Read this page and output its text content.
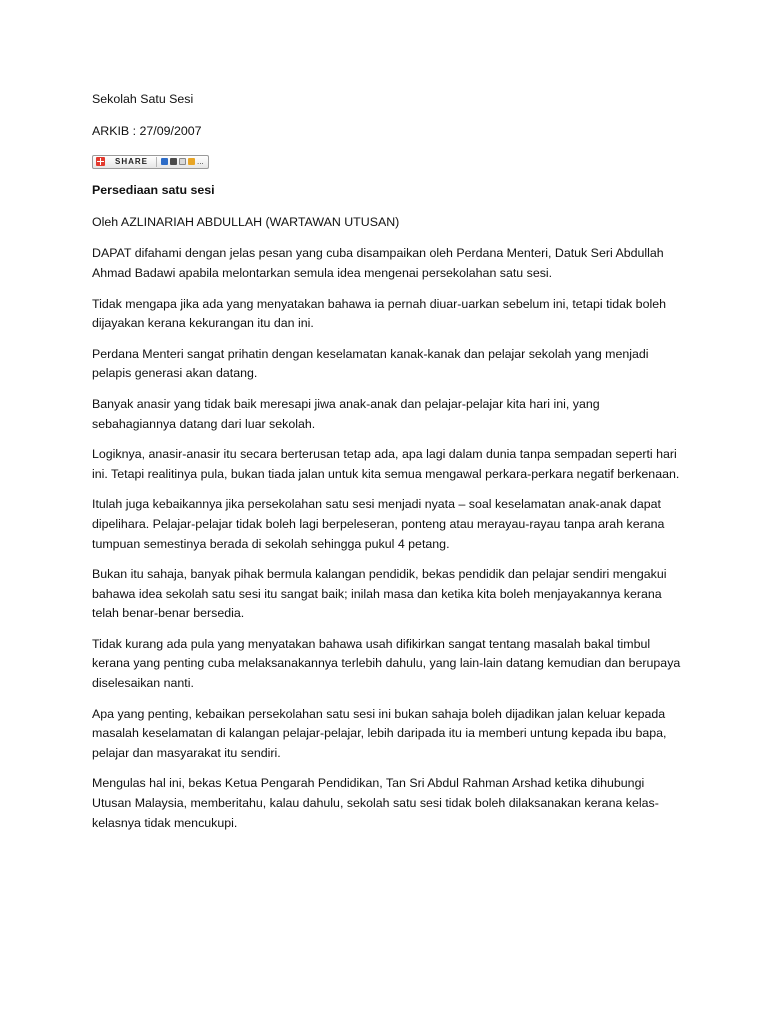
Sekolah Satu Sesi
ARKIB : 27/09/2007
SHARE	...
Persediaan satu sesi
Oleh AZLINARIAH ABDULLAH (WARTAWAN UTUSAN)

DAPAT difahami dengan jelas pesan yang cuba disampaikan oleh Perdana Menteri, Datuk Seri Abdullah Ahmad Badawi apabila melontarkan semula idea mengenai persekolahan satu sesi.

Tidak mengapa jika ada yang menyatakan bahawa ia pernah diuar-uarkan sebelum ini, tetapi tidak boleh dijayakan kerana kekurangan itu dan ini.

Perdana Menteri sangat prihatin dengan keselamatan kanak-kanak dan pelajar sekolah yang menjadi pelapis generasi akan datang.

Banyak anasir yang tidak baik meresapi jiwa anak-anak dan pelajar-pelajar kita hari ini, yang sebahagiannya datang dari luar sekolah.

Logiknya, anasir-anasir itu secara berterusan tetap ada, apa lagi dalam dunia tanpa sempadan seperti hari ini. Tetapi realitinya pula, bukan tiada jalan untuk kita semua mengawal perkara-perkara negatif berkenaan.

Itulah juga kebaikannya jika persekolahan satu sesi menjadi nyata – soal keselamatan anak-anak dapat dipelihara. Pelajar-pelajar tidak boleh lagi berpeleseran, ponteng atau merayau-rayau tanpa arah kerana tumpuan semestinya berada di sekolah sehingga pukul 4 petang.

Bukan itu sahaja, banyak pihak bermula kalangan pendidik, bekas pendidik dan pelajar sendiri mengakui bahawa idea sekolah satu sesi itu sangat baik; inilah masa dan ketika kita boleh menjayakannya kerana telah benar-benar bersedia.

Tidak kurang ada pula yang menyatakan bahawa usah difikirkan sangat tentang masalah bakal timbul kerana yang penting cuba melaksanakannya terlebih dahulu, yang lain-lain datang kemudian dan berupaya diselesaikan nanti.

Apa yang penting, kebaikan persekolahan satu sesi ini bukan sahaja boleh dijadikan jalan keluar kepada masalah keselamatan di kalangan pelajar-pelajar, lebih daripada itu ia memberi untung kepada ibu bapa, pelajar dan masyarakat itu sendiri.

Mengulas hal ini, bekas Ketua Pengarah Pendidikan, Tan Sri Abdul Rahman Arshad ketika dihubungi Utusan Malaysia, memberitahu, kalau dahulu, sekolah satu sesi tidak boleh dilaksanakan kerana kelas-kelasnya tidak mencukupi.
